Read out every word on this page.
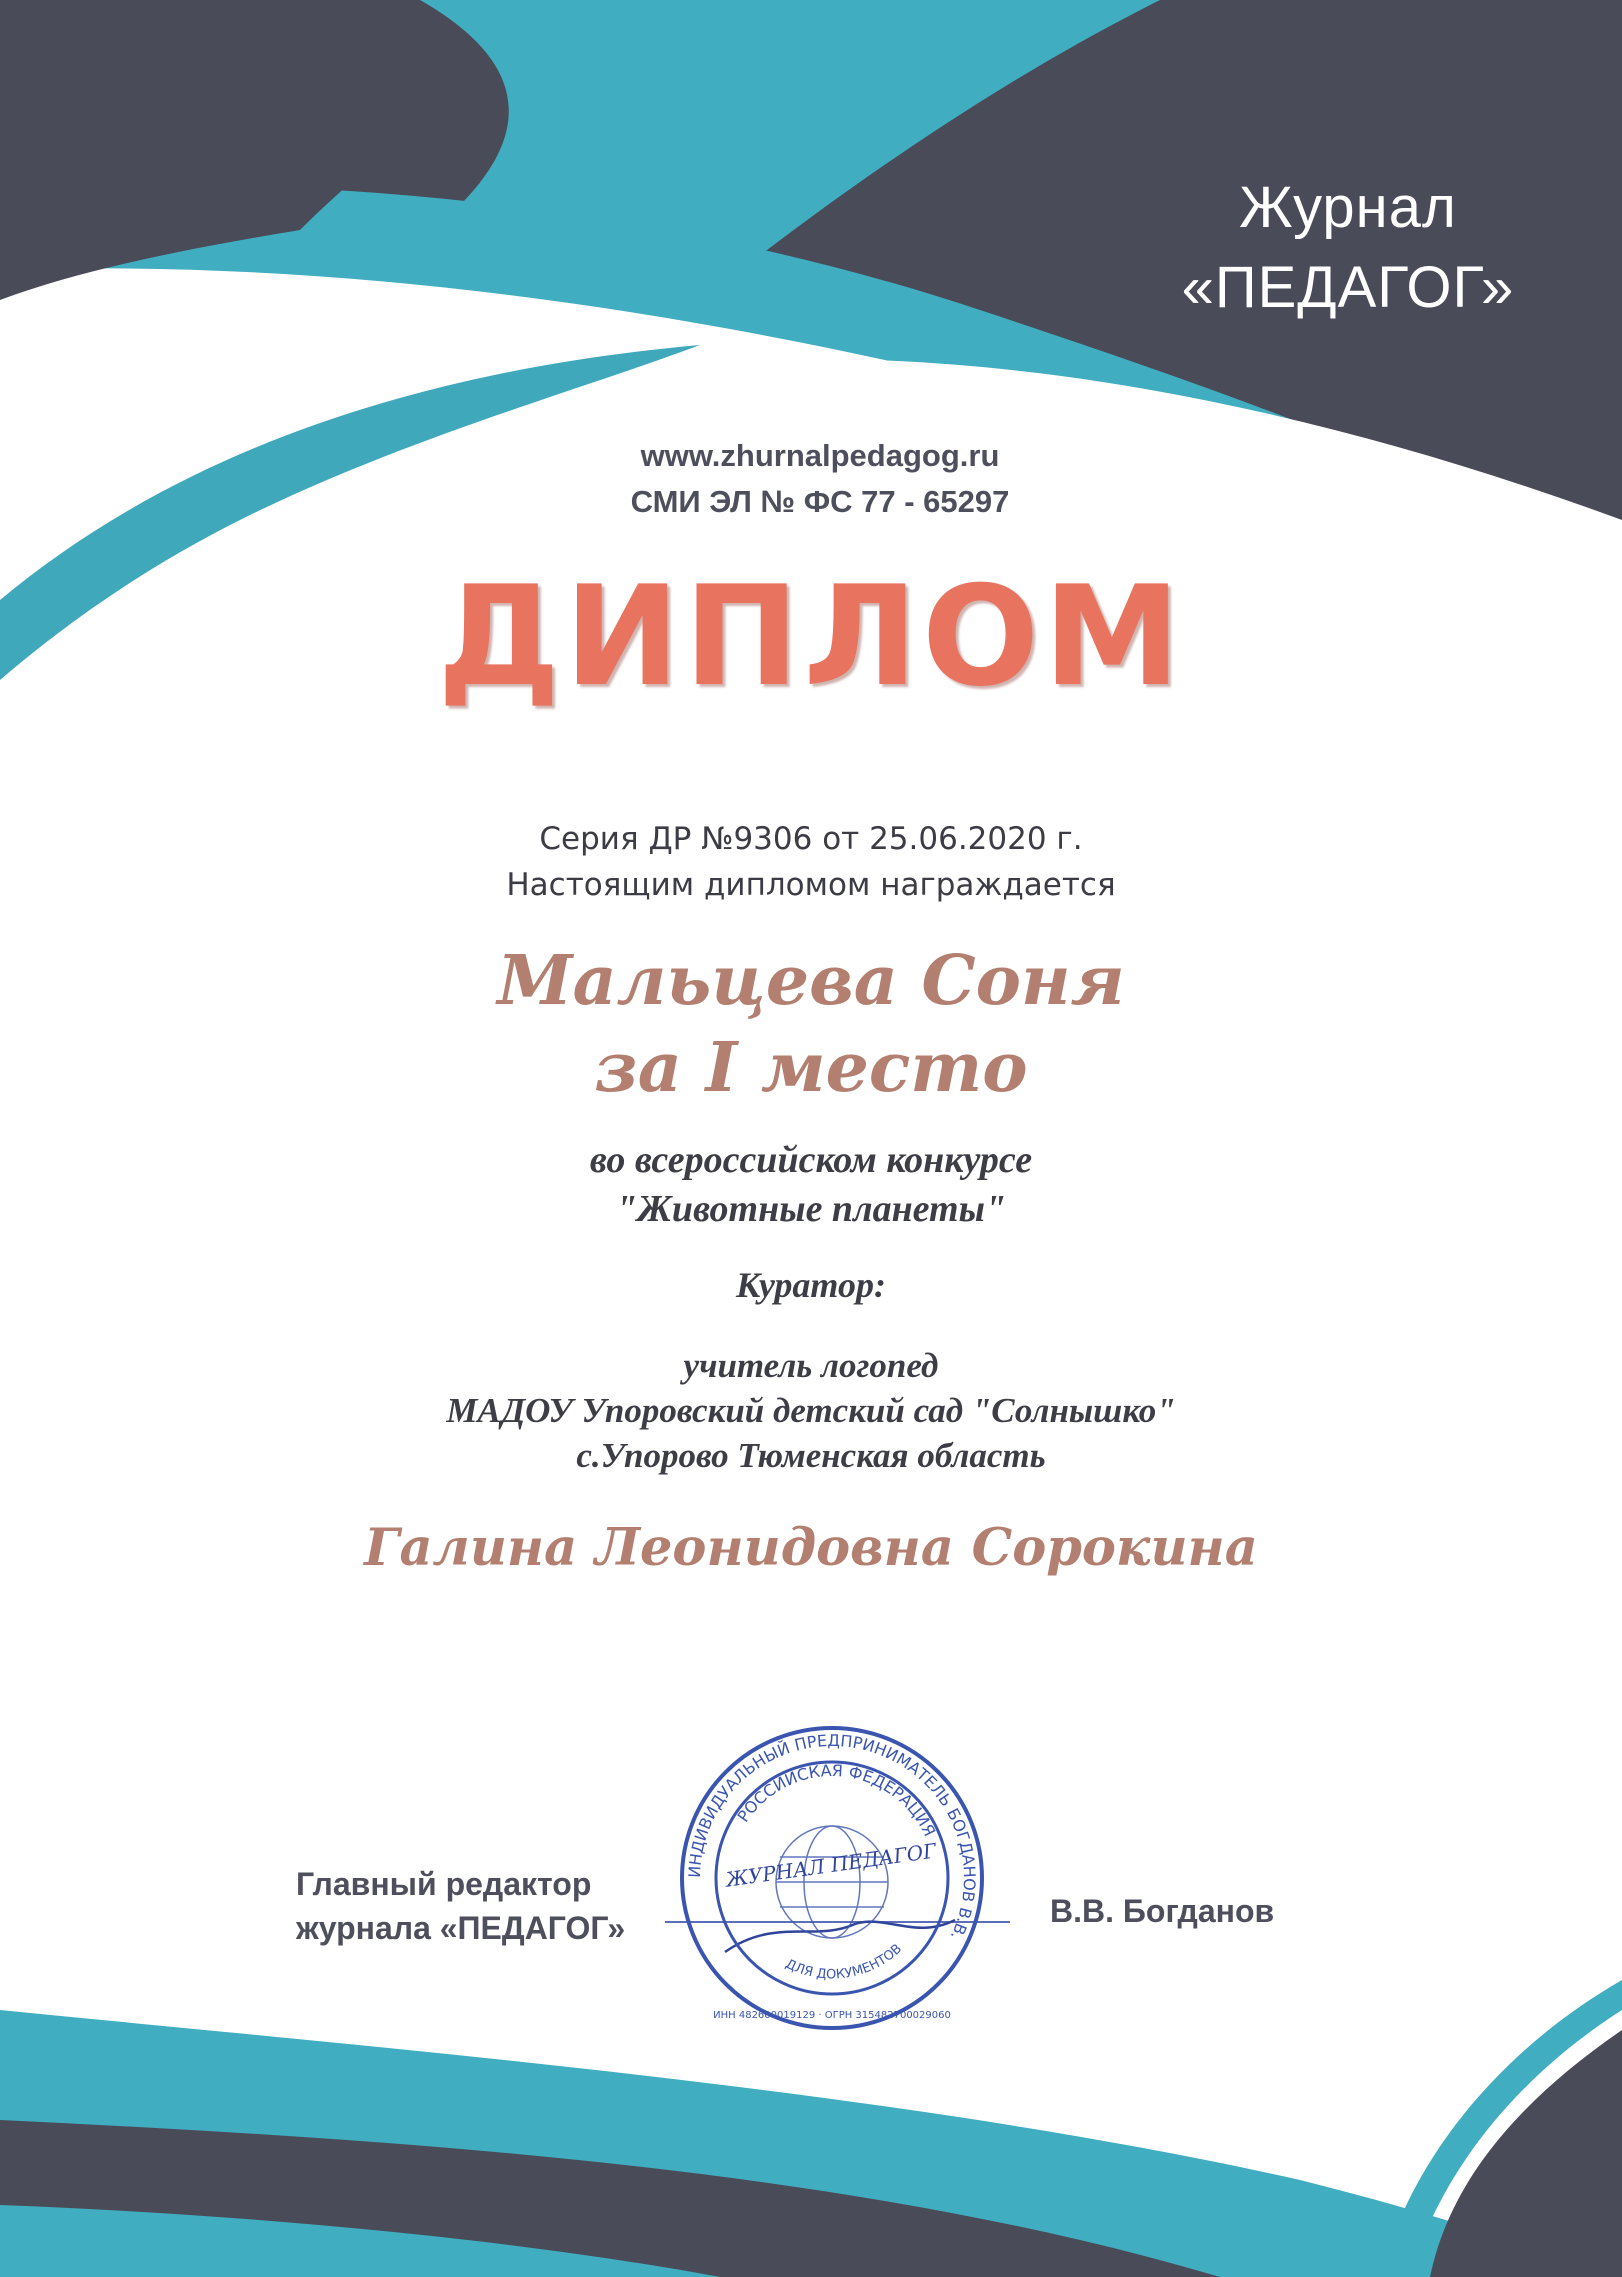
Журнал
«ПЕДАГОГ»
www.zhurnalpedagog.ru
СМИ ЭЛ № ФС 77 - 65297
ДИПЛОМ
Серия ДР №9306 от 25.06.2020 г.
Настоящим дипломом награждается
Мальцева Соня
за I место
во всероссийском конкурсе
"Животные планеты"
Куратор:
учитель логопед
МАДОУ Упоровский детский сад "Солнышко"
с.Упорово Тюменская область
Галина Леонидовна Сорокина
Главный редактор
журнала «ПЕДАГОГ»	В.В. Богданов
ИНДИВИДУАЛЬНЫЙ ПРЕДПРИНИМАТЕЛЬ БОГДАНОВ В.В.
РОССИЙСКАЯ ФЕДЕРАЦИЯ
ЖУРНАЛ ПЕДАГОГ
ДЛЯ ДОКУМЕНТОВ
ИНН 482600019129 · ОГРН 315482700029060
